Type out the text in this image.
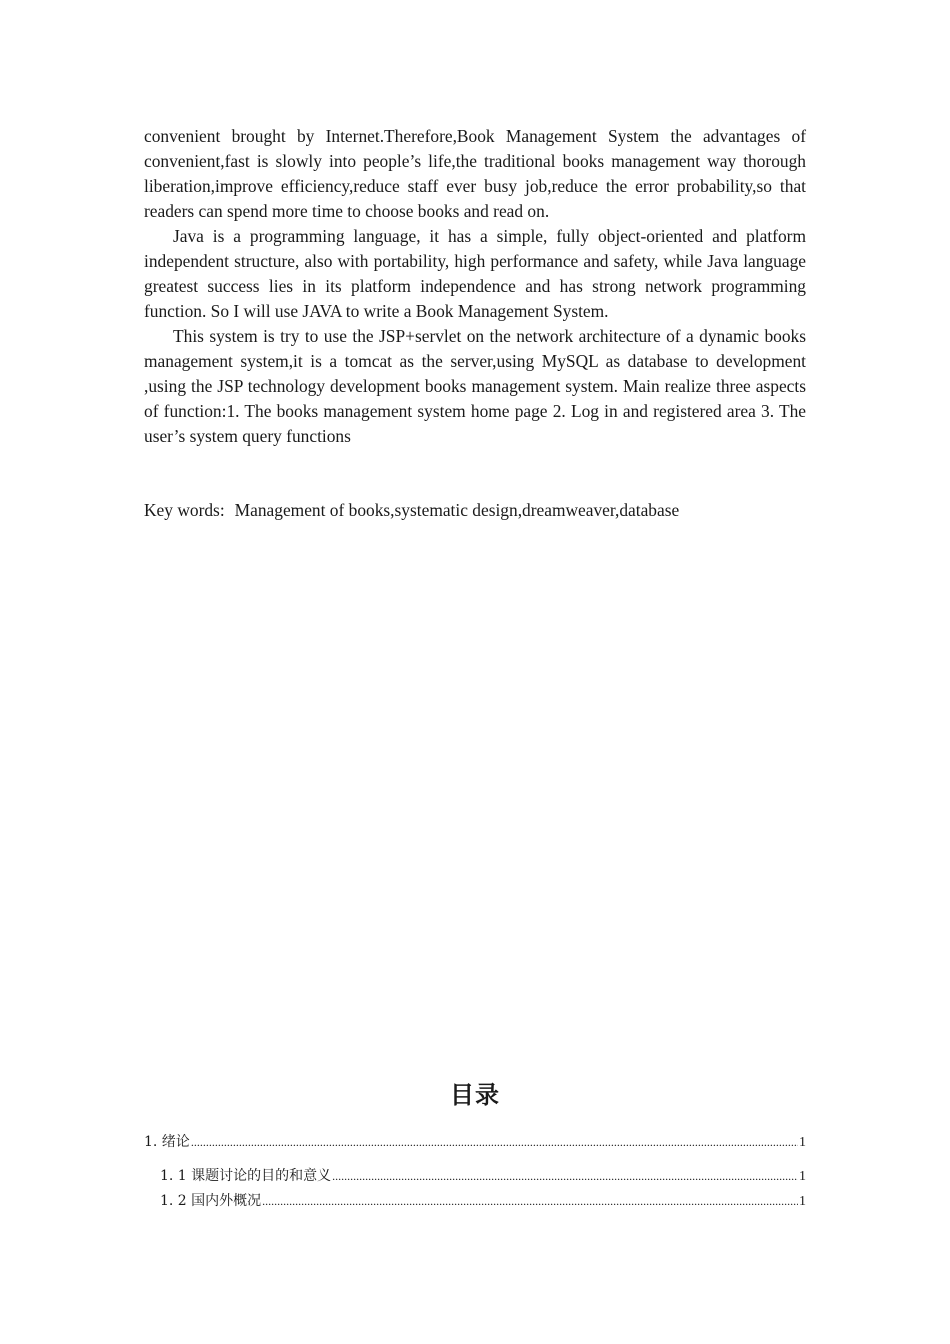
convenient brought by Internet.Therefore,Book Management System the advantages of convenient,fast is slowly into people’s life,the traditional books management way thorough liberation,improve efficiency,reduce staff ever busy job,reduce the error probability,so that readers can spend more time to choose books and read on.

Java is a programming language, it has a simple, fully object-oriented and platform independent structure, also with portability, high performance and safety, while Java language greatest success lies in its platform independence and has strong network programming function. So I will use JAVA to write a Book Management System.

This system is try to use the JSP+servlet on the network architecture of a dynamic books management system,it is a tomcat as the server,using MySQL as database to development ,using the JSP technology development books management system. Main realize three aspects of function:1. The books management system home page 2. Log in and registered area 3. The user’s system query functions

Key words: Management of books,systematic design,dreamweaver,database
目录
1. 绪论 .....	1
1. 1 课题讨论的目的和意义 .....	1
1. 2 国内外概况 .....	1
